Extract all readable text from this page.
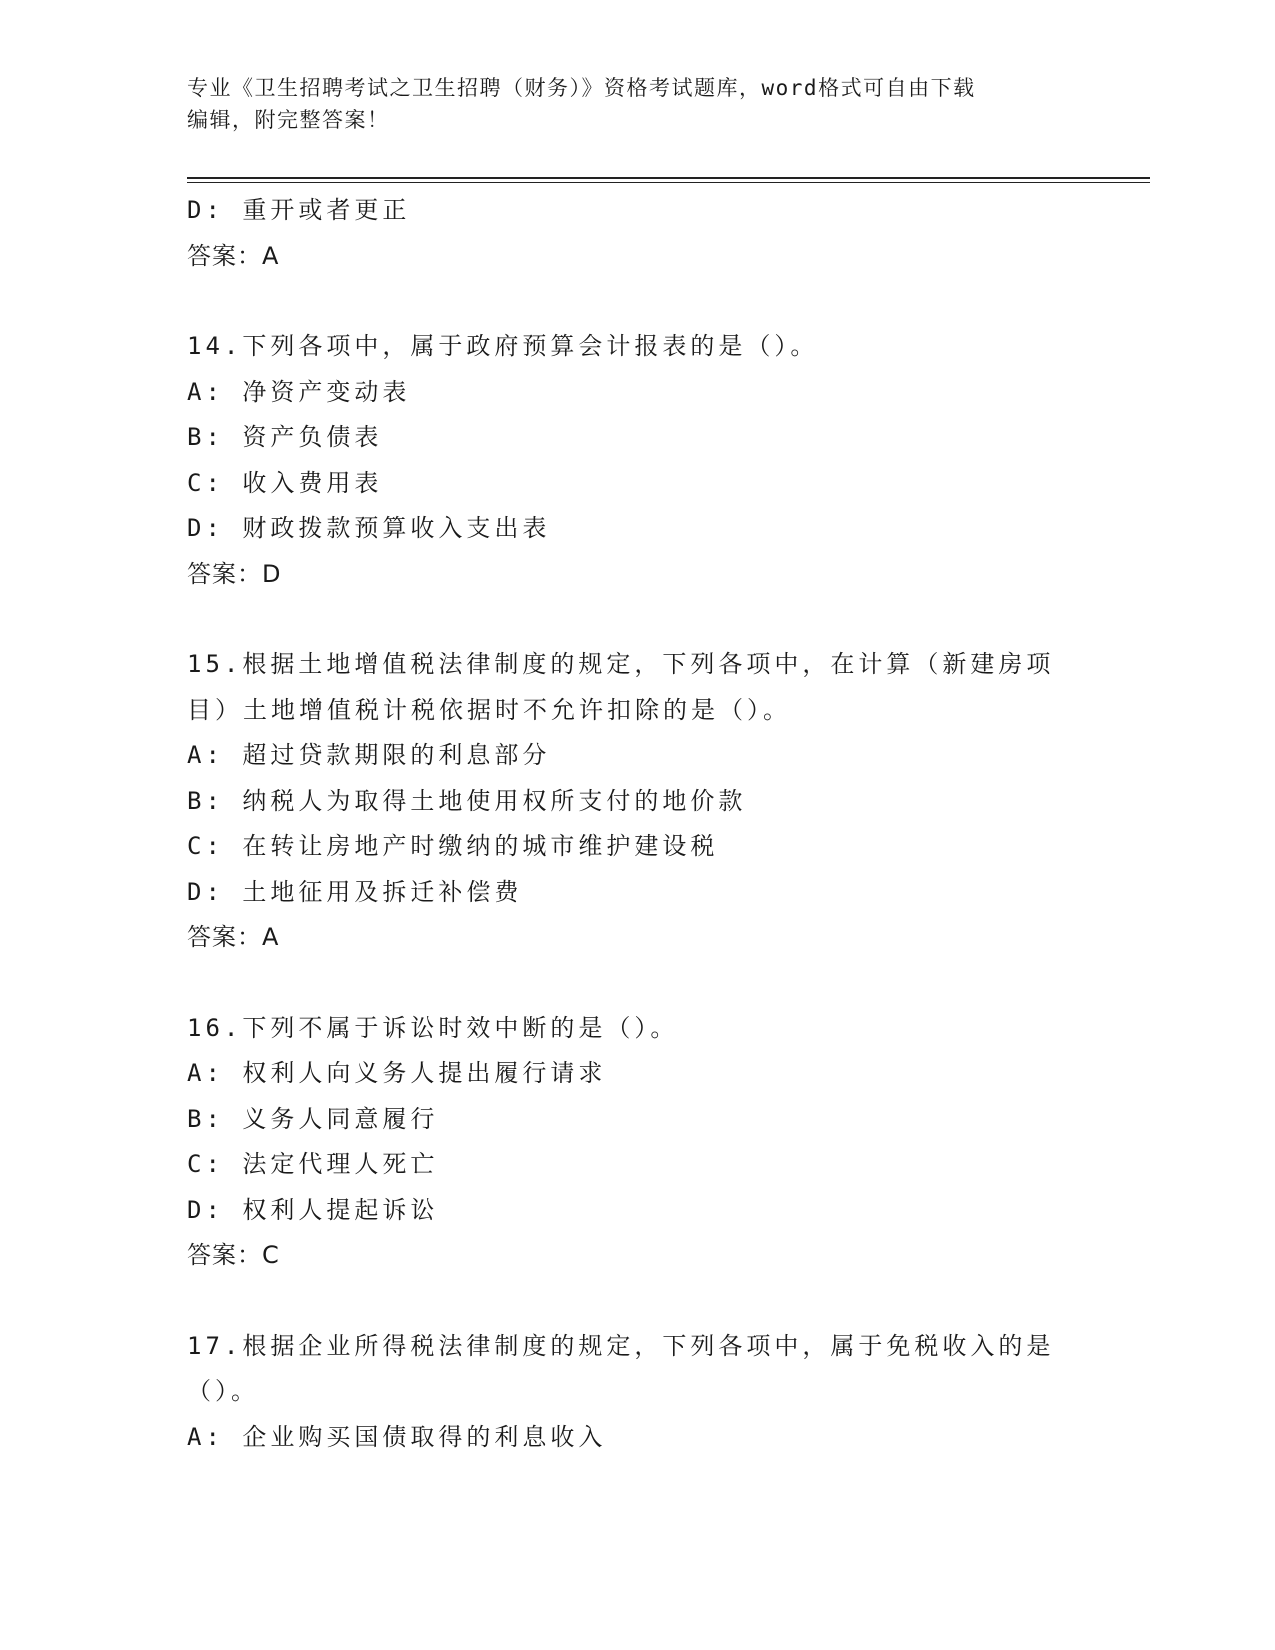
专业《卫生招聘考试之卫生招聘（财务）》资格考试题库，word格式可自由下载
编辑，附完整答案！
D: 重开或者更正
答案：A
14.下列各项中，属于政府预算会计报表的是（）。
A: 净资产变动表
B: 资产负债表
C: 收入费用表
D: 财政拨款预算收入支出表
答案：D
15.根据土地增值税法律制度的规定，下列各项中，在计算（新建房项目）土地增值税计税依据时不允许扣除的是（）。
A: 超过贷款期限的利息部分
B: 纳税人为取得土地使用权所支付的地价款
C: 在转让房地产时缴纳的城市维护建设税
D: 土地征用及拆迁补偿费
答案：A
16.下列不属于诉讼时效中断的是（）。
A: 权利人向义务人提出履行请求
B: 义务人同意履行
C: 法定代理人死亡
D: 权利人提起诉讼
答案：C
17.根据企业所得税法律制度的规定，下列各项中，属于免税收入的是（）。
A: 企业购买国债取得的利息收入
